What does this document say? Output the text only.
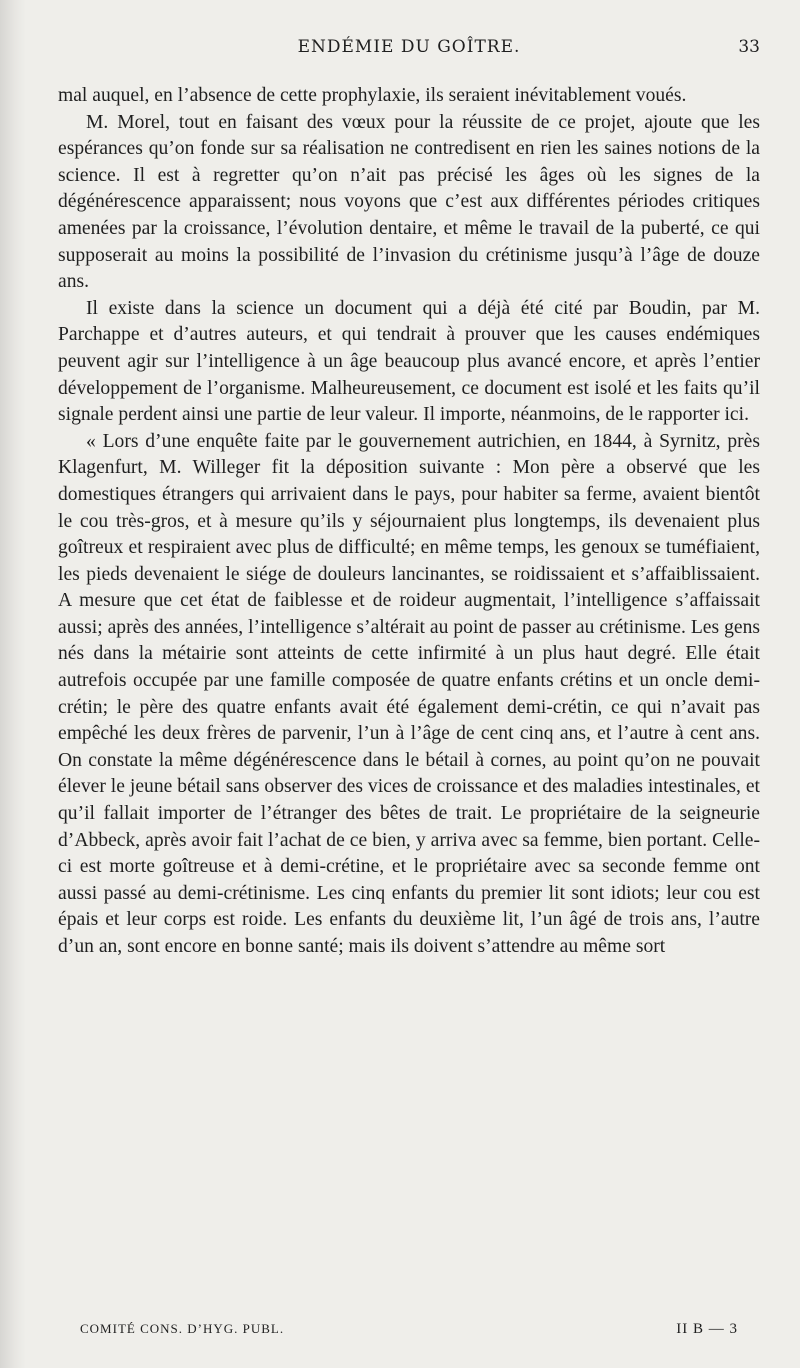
ENDÉMIE DU GOÎTRE.	33

mal auquel, en l’absence de cette prophylaxie, ils seraient inévitablement voués.

M. Morel, tout en faisant des vœux pour la réussite de ce projet, ajoute que les espérances qu’on fonde sur sa réalisation ne contredisent en rien les saines notions de la science. Il est à regretter qu’on n’ait pas précisé les âges où les signes de la dégénérescence apparaissent; nous voyons que c’est aux différentes périodes critiques amenées par la croissance, l’évolution dentaire, et même le travail de la puberté, ce qui supposerait au moins la possibilité de l’invasion du crétinisme jusqu’à l’âge de douze ans.

Il existe dans la science un document qui a déjà été cité par Boudin, par M. Parchappe et d’autres auteurs, et qui tendrait à prouver que les causes endémiques peuvent agir sur l’intelligence à un âge beaucoup plus avancé encore, et après l’entier développement de l’organisme. Malheureusement, ce document est isolé et les faits qu’il signale perdent ainsi une partie de leur valeur. Il importe, néanmoins, de le rapporter ici.

« Lors d’une enquête faite par le gouvernement autrichien, en 1844, à Syrnitz, près Klagenfurt, M. Willeger fit la déposition suivante : Mon père a observé que les domestiques étrangers qui arrivaient dans le pays, pour habiter sa ferme, avaient bientôt le cou très-gros, et à mesure qu’ils y séjournaient plus longtemps, ils devenaient plus goîtreux et respiraient avec plus de difficulté; en même temps, les genoux se tuméfiaient, les pieds devenaient le siége de douleurs lancinantes, se roidissaient et s’affaiblissaient. A mesure que cet état de faiblesse et de roideur augmentait, l’intelligence s’affaissait aussi; après des années, l’intelligence s’altérait au point de passer au crétinisme. Les gens nés dans la métairie sont atteints de cette infirmité à un plus haut degré. Elle était autrefois occupée par une famille composée de quatre enfants crétins et un oncle demi-crétin; le père des quatre enfants avait été également demi-crétin, ce qui n’avait pas empêché les deux frères de parvenir, l’un à l’âge de cent cinq ans, et l’autre à cent ans. On constate la même dégénérescence dans le bétail à cornes, au point qu’on ne pouvait élever le jeune bétail sans observer des vices de croissance et des maladies intestinales, et qu’il fallait importer de l’étranger des bêtes de trait. Le propriétaire de la seigneurie d’Abbeck, après avoir fait l’achat de ce bien, y arriva avec sa femme, bien portant. Celle-ci est morte goîtreuse et à demi-crétine, et le propriétaire avec sa seconde femme ont aussi passé au demi-crétinisme. Les cinq enfants du premier lit sont idiots; leur cou est épais et leur corps est roide. Les enfants du deuxième lit, l’un âgé de trois ans, l’autre d’un an, sont encore en bonne santé; mais ils doivent s’attendre au même sort

COMITÉ CONS. D’HYG. PUBL.	II B — 3
